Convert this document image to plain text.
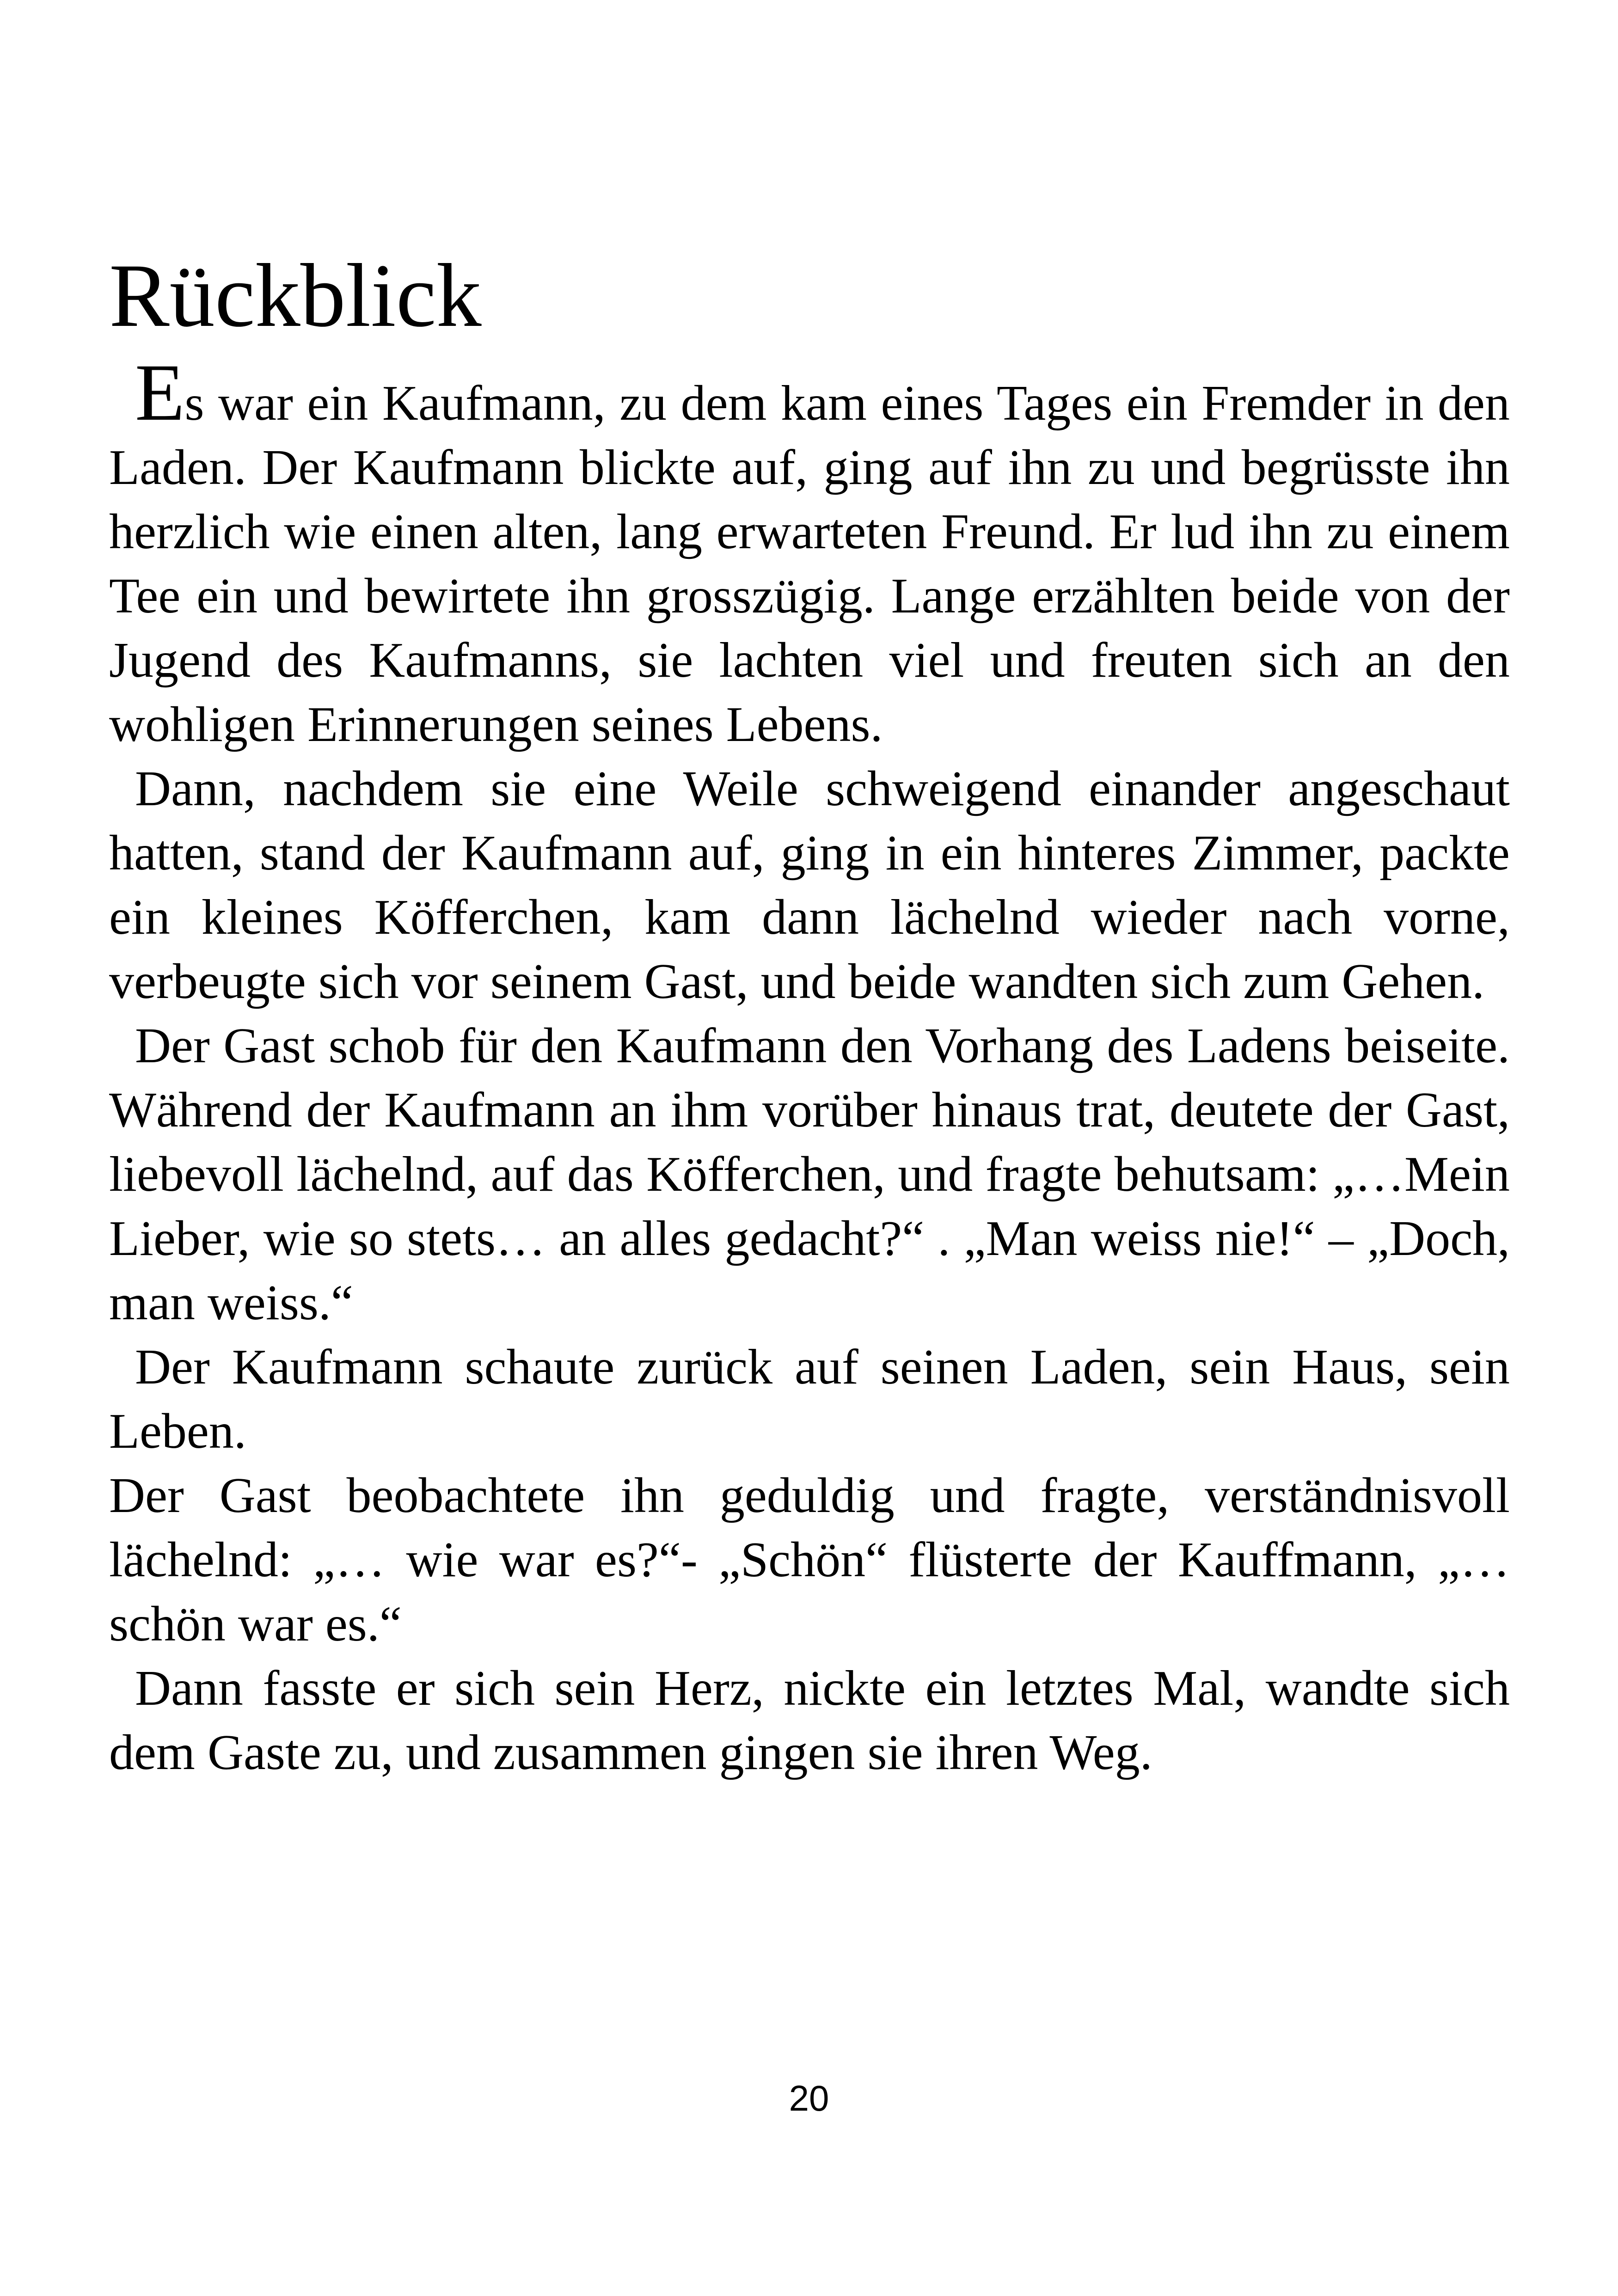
Rückblick

Es war ein Kaufmann, zu dem kam eines Tages ein Fremder in den Laden. Der Kaufmann blickte auf, ging auf ihn zu und begrüsste ihn herzlich wie einen alten, lang erwarteten Freund. Er lud ihn zu einem Tee ein und bewirtete ihn grosszügig. Lange erzählten beide von der Jugend des Kaufmanns, sie lachten viel und freuten sich an den wohligen Erinnerungen seines Lebens.

Dann, nachdem sie eine Weile schweigend einander angeschaut hatten, stand der Kaufmann auf, ging in ein hinteres Zimmer, packte ein kleines Köfferchen, kam dann lächelnd wieder nach vorne, verbeugte sich vor seinem Gast, und beide wandten sich zum Gehen.

Der Gast schob für den Kaufmann den Vorhang des Ladens beiseite. Während der Kaufmann an ihm vorüber hinaus trat, deutete der Gast, liebevoll lächelnd, auf das Köfferchen, und fragte behutsam: „…Mein Lieber, wie so stets… an alles gedacht?“ . „Man weiss nie!“ – „Doch, man weiss.“

Der Kaufmann schaute zurück auf seinen Laden, sein Haus, sein Leben.

Der Gast beobachtete ihn geduldig und fragte, verständnisvoll lächelnd: „… wie war es?“- „Schön“ flüsterte der Kauffmann, „…schön war es.“

Dann fasste er sich sein Herz, nickte ein letztes Mal, wandte sich dem Gaste zu, und zusammen gingen sie ihren Weg.

20
